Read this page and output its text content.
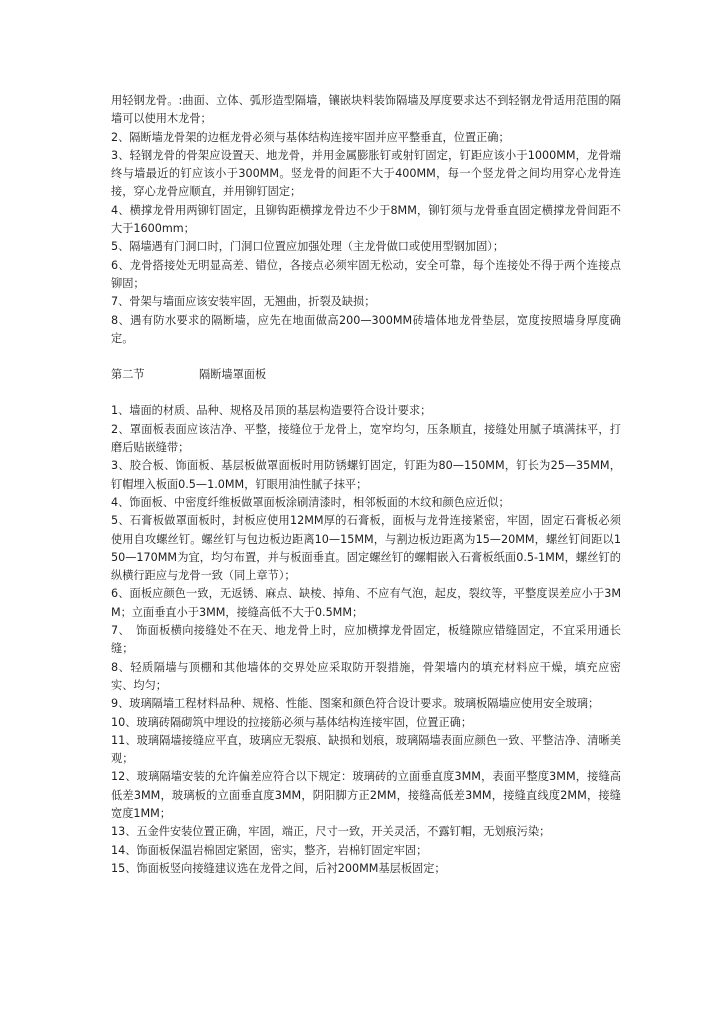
用轻钢龙骨。:曲面、立体、弧形造型隔墙，镶嵌块料装饰隔墙及厚度要求达不到轻钢龙骨适用范围的隔墙可以使用木龙骨；

2、隔断墙龙骨架的边框龙骨必须与基体结构连接牢固并应平整垂直，位置正确；

3、轻钢龙骨的骨架应设置天、地龙骨，并用金属膨胀钉或射钉固定，钉距应该小于1000MM，龙骨端终与墙最近的钉应该小于300MM。竖龙骨的间距不大于400MM，每一个竖龙骨之间均用穿心龙骨连接，穿心龙骨应顺直，并用铆钉固定；

4、横撑龙骨用两铆钉固定，且铆钩距横撑龙骨边不少于8MM，铆钉须与龙骨垂直固定横撑龙骨间距不大于1600mm；

5、隔墙遇有门洞口时，门洞口位置应加强处理（主龙骨做口或使用型钢加固）；

6、龙骨搭接处无明显高差、错位，各接点必须牢固无松动，安全可靠，每个连接处不得于两个连接点铆固；

7、骨架与墙面应该安装牢固，无翘曲，折裂及缺损；

8、遇有防水要求的隔断墙，应先在地面做高200—300MM砖墙体地龙骨垫层，宽度按照墙身厚度确定。

第二节	隔断墙罩面板

1、墙面的材质、品种、规格及吊顶的基层构造要符合设计要求；

2、罩面板表面应该洁净、平整，接缝位于龙骨上，宽窄均匀，压条顺直，接缝处用腻子填满抹平，打磨后贴嵌缝带；

3、胶合板、饰面板、基层板做罩面板时用防锈螺钉固定，钉距为80—150MM，钉长为25—35MM，钉帽埋入板面0.5—1.0MM，钉眼用油性腻子抹平；

4、饰面板、中密度纤维板做罩面板涂刷清漆时，相邻板面的木纹和颜色应近似；

5、石膏板做罩面板时，封板应使用12MM厚的石膏板，面板与龙骨连接紧密，牢固，固定石膏板必须使用自攻螺丝钉。螺丝钉与包边板边距离10—15MM，与割边板边距离为15—20MM，螺丝钉间距以150—170MM为宜，均匀布置，并与板面垂直。固定螺丝钉的螺帽嵌入石膏板纸面0.5-1MM，螺丝钉的纵横行距应与龙骨一致（同上章节）；

6、面板应颜色一致，无返锈、麻点、缺棱、掉角、不应有气泡，起皮，裂纹等，平整度误差应小于3MM；立面垂直小于3MM，接缝高低不大于0.5MM；

7、　饰面板横向接缝处不在天、地龙骨上时，应加横撑龙骨固定，板缝隙应错缝固定，不宜采用通长缝；

8、轻质隔墙与顶棚和其他墙体的交界处应采取防开裂措施，骨架墙内的填充材料应干燥，填充应密实、均匀；

9、玻璃隔墙工程材料品种、规格、性能、图案和颜色符合设计要求。玻璃板隔墙应使用安全玻璃；

10、玻璃砖隔砌筑中埋设的拉接筋必须与基体结构连接牢固，位置正确；

11、玻璃隔墙接缝应平直，玻璃应无裂痕、缺损和划痕，玻璃隔墙表面应颜色一致、平整洁净、清晰美观；

12、玻璃隔墙安装的允许偏差应符合以下规定：玻璃砖的立面垂直度3MM，表面平整度3MM，接缝高低差3MM，玻璃板的立面垂直度3MM，阴阳脚方正2MM，接缝高低差3MM，接缝直线度2MM，接缝宽度1MM；

13、五金件安装位置正确，牢固，端正，尺寸一致，开关灵活，不露钉帽，无划痕污染；

14、饰面板保温岩棉固定紧固，密实，整齐，岩棉钉固定牢固；

15、饰面板竖向接缝建议选在龙骨之间，后衬200MM基层板固定；
